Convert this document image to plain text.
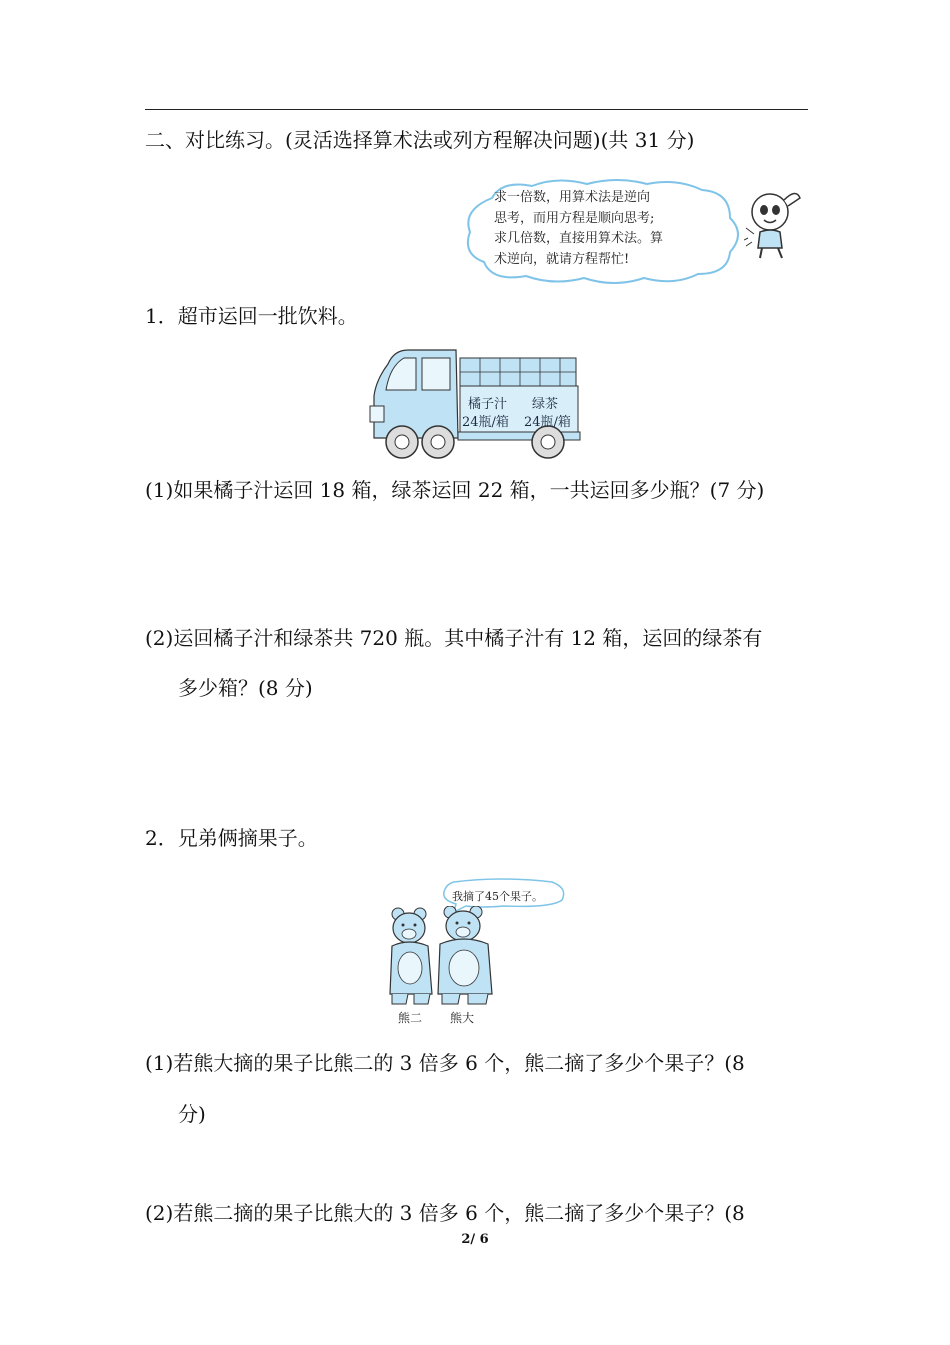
二、对比练习。(灵活选择算术法或列方程解决问题)(共 31 分)
求一倍数，用算术法是逆向
思考，而用方程是顺向思考;
求几倍数，直接用算术法。算
术逆向，就请方程帮忙!
1．超市运回一批饮料。
橘子汁 绿茶
24瓶/箱 24瓶/箱
(1)如果橘子汁运回 18 箱，绿茶运回 22 箱，一共运回多少瓶？(7 分)
(2)运回橘子汁和绿茶共 720 瓶。其中橘子汁有 12 箱，运回的绿茶有
多少箱？(8 分)
2．兄弟俩摘果子。
我摘了45个果子。
熊二 熊大
(1)若熊大摘的果子比熊二的 3 倍多 6 个，熊二摘了多少个果子？(8
分)
(2)若熊二摘的果子比熊大的 3 倍多 6 个，熊二摘了多少个果子？(8
2/ 6
